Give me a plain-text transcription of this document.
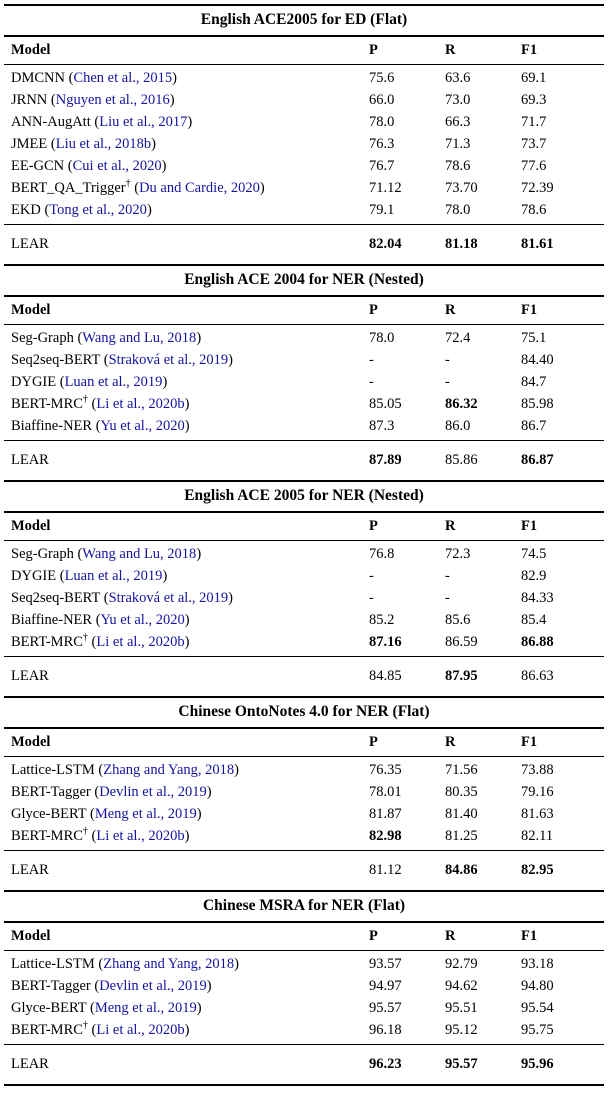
English ACE2005 for ED (Flat)
Model	P	R	F1
DMCNN (Chen et al., 2015)	75.6	63.6	69.1
JRNN (Nguyen et al., 2016)	66.0	73.0	69.3
ANN-AugAtt (Liu et al., 2017)	78.0	66.3	71.7
JMEE (Liu et al., 2018b)	76.3	71.3	73.7
EE-GCN (Cui et al., 2020)	76.7	78.6	77.6
BERT_QA_Trigger† (Du and Cardie, 2020)	71.12	73.70	72.39
EKD (Tong et al., 2020)	79.1	78.0	78.6
LEAR	82.04	81.18	81.61
English ACE 2004 for NER (Nested)
Model	P	R	F1
Seg-Graph (Wang and Lu, 2018)	78.0	72.4	75.1
Seq2seq-BERT (Straková et al., 2019)	-	-	84.40
DYGIE (Luan et al., 2019)	-	-	84.7
BERT-MRC† (Li et al., 2020b)	85.05	86.32	85.98
Biaffine-NER (Yu et al., 2020)	87.3	86.0	86.7
LEAR	87.89	85.86	86.87
English ACE 2005 for NER (Nested)
Model	P	R	F1
Seg-Graph (Wang and Lu, 2018)	76.8	72.3	74.5
DYGIE (Luan et al., 2019)	-	-	82.9
Seq2seq-BERT (Straková et al., 2019)	-	-	84.33
Biaffine-NER (Yu et al., 2020)	85.2	85.6	85.4
BERT-MRC† (Li et al., 2020b)	87.16	86.59	86.88
LEAR	84.85	87.95	86.63
Chinese OntoNotes 4.0 for NER (Flat)
Model	P	R	F1
Lattice-LSTM (Zhang and Yang, 2018)	76.35	71.56	73.88
BERT-Tagger (Devlin et al., 2019)	78.01	80.35	79.16
Glyce-BERT (Meng et al., 2019)	81.87	81.40	81.63
BERT-MRC† (Li et al., 2020b)	82.98	81.25	82.11
LEAR	81.12	84.86	82.95
Chinese MSRA for NER (Flat)
Model	P	R	F1
Lattice-LSTM (Zhang and Yang, 2018)	93.57	92.79	93.18
BERT-Tagger (Devlin et al., 2019)	94.97	94.62	94.80
Glyce-BERT (Meng et al., 2019)	95.57	95.51	95.54
BERT-MRC† (Li et al., 2020b)	96.18	95.12	95.75
LEAR	96.23	95.57	95.96
